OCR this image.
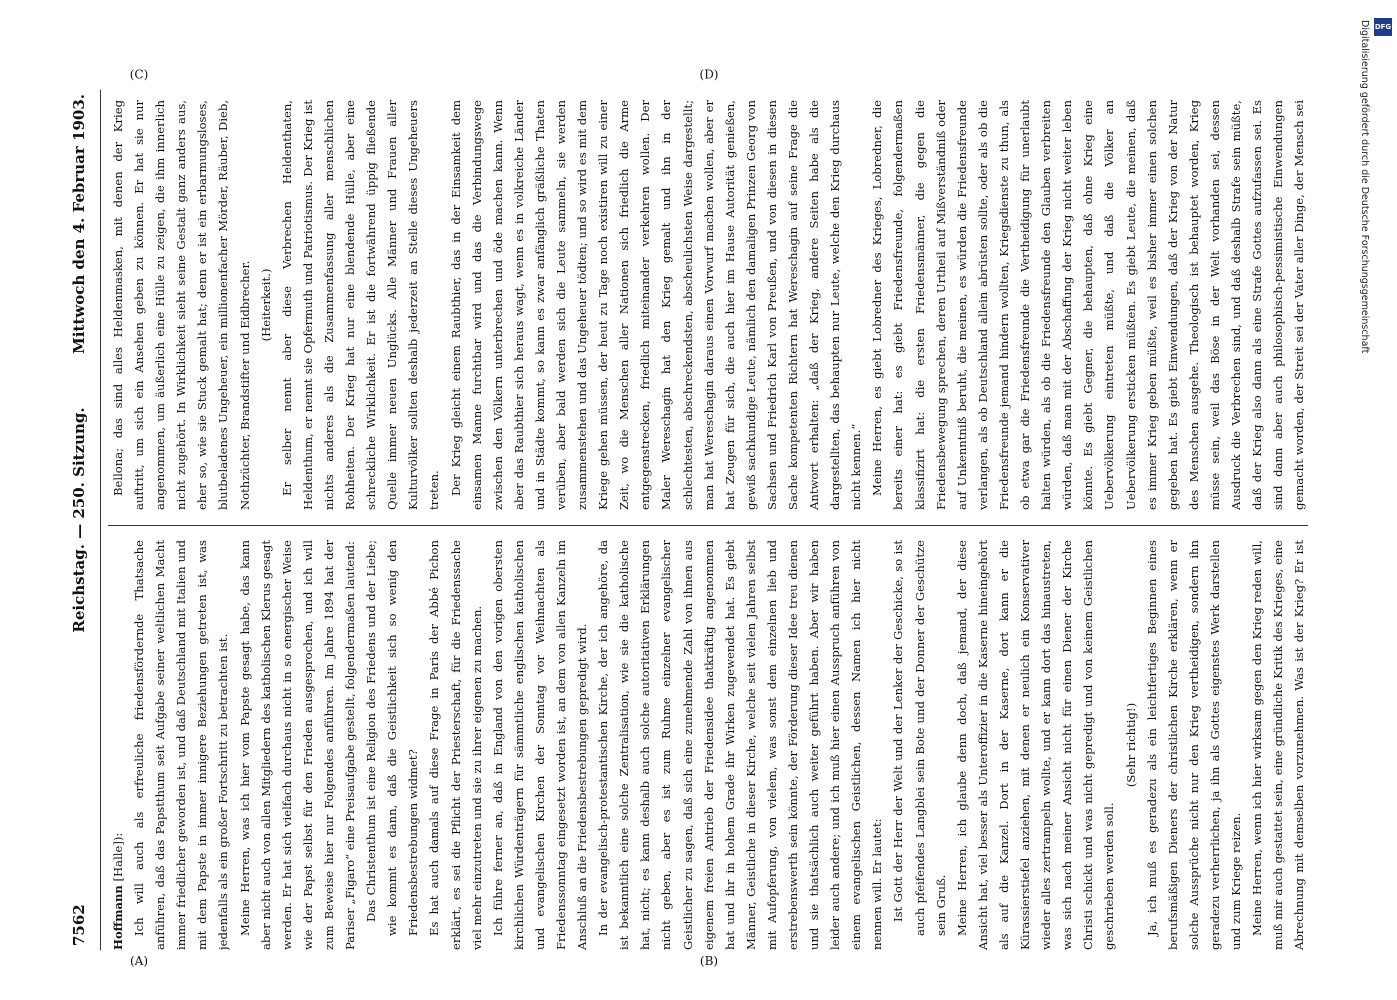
7562
Reichstag. — 250. Sitzung.
Mittwoch den 4. Februar 1903.
(A)	(B)
(C)	(D)

Hoffmann [Halle]): Ich will auch als erfreuliche friedensfördernde Thatsache anführen, daß das Papstthum seit Aufgabe seiner weltlichen Macht immer friedlicher geworden ist, und daß Deutschland mit Italien und mit dem Papste in immer innigere Beziehungen getreten ist, was jedenfalls als ein großer Fortschritt zu betrachten ist. Meine Herren, was ich hier vom Papste gesagt habe, das kann aber nicht auch von allen Mitgliedern des katholischen Klerus gesagt werden. Er hat sich vielfach durchaus nicht in so energischer Weise wie der Papst selbst für den Frieden ausgesprochen, und ich will zum Beweise hier nur Folgendes anführen. Im Jahre 1894 hat der Pariser „Figaro“ eine Preisaufgabe gestellt, folgendermaßen lautend: Das Christenthum ist eine Religion des Friedens und der Liebe; wie kommt es dann, daß die Geistlichkeit sich so wenig den Friedensbestrebungen widmet? Es hat auch damals auf diese Frage in Paris der Abbé Pichon erklärt, es sei die Pflicht der Priesterschaft, für die Friedenssache viel mehr einzutreten und sie zu ihrer eigenen zu machen. Ich führe ferner an, daß in England von den vorigen obersten kirchlichen Würdenträgern für sämmtliche englischen katholischen und evangelischen Kirchen der Sonntag vor Weihnachten als Friedenssonntag eingesetzt worden ist, an dem von allen Kanzeln im Anschluß an die Friedensbestrebungen gepredigt wird. In der evangelisch-protestantischen Kirche, der ich angehöre, da ist bekanntlich eine solche Zentralisation, wie sie die katholische hat, nicht; es kann deshalb auch solche autoritativen Erklärungen nicht geben, aber es ist zum Ruhme einzelner evangelischer Geistlicher zu sagen, daß sich eine zunehmende Zahl von ihnen aus eigenem freien Antrieb der Friedensidee thatkräftig angenommen hat und ihr in hohem Grade ihr Wirken zugewendet hat. Es giebt Männer, Geistliche in dieser Kirche, welche seit vielen Jahren selbst mit Aufopferung, von vielem, was sonst dem einzelnen lieb und erstrebenswerth sein könnte, der Förderung dieser Idee treu dienen und sie thatsächlich auch weiter geführt haben. Aber wir haben leider auch andere; und ich muß hier einen Ausspruch anführen von einem evangelischen Geistlichen, dessen Namen ich hier nicht nennen will. Er lautet: Ist Gott der Herr der Welt und der Lenker der Geschicke, so ist auch pfeifendes Langblei sein Bote und der Donner der Geschütze sein Gruß. Meine Herren, ich glaube denn doch, daß jemand, der diese Ansicht hat, viel besser als Unteroffizier in die Kaserne hineingehört als auf die Kanzel. Dort in der Kaserne, dort kann er die Kürassierstiefel anziehen, mit denen er neulich ein Konservativer wieder alles zertrampeln wollte, und er kann dort das hinaustreten, was sich nach meiner Ansicht nicht für einen Diener der Kirche Christi schickt und was nicht gepredigt und von keinem Geistlichen geschrieben werden soll.

(Sehr richtig!) Ja, ich muß es geradezu als ein leichtfertiges Beginnen eines berufsmäßigen Dieners der christlichen Kirche erklären, wenn er solche Aussprüche nicht nur den Krieg vertheidigen, sondern ihn geradezu verherrlichen, ja ihn als Gottes eigenstes Werk darstellen und zum Kriege reizen. Meine Herren, wenn ich hier wirksam gegen den Krieg reden will, muß mir auch gestattet sein, eine gründliche Kritik des Krieges, eine Abrechnung mit demselben vorzunehmen. Was ist der Krieg? Er ist

Bellona; das sind alles Heldenmasken, mit denen der Krieg auftritt, um sich ein Ansehen geben zu können. Er hat sie nur angenommen, um äußerlich eine Hülle zu zeigen, die ihm innerlich nicht zugehört. In Wirklichkeit sieht seine Gestalt ganz anders aus, eher so, wie sie Stuck gemalt hat; denn er ist ein erbarmungsloses, blutbeladenes Ungeheuer, ein millionenfacher Mörder, Räuber, Dieb, Nothzüchter, Brandstifter und Eidbrecher. (Heiterkeit.) Er selber nennt aber diese Verbrechen Heldenthaten, Heldenthum, er nennt sie Opfermuth und Patriotismus. Der Krieg ist nichts anderes als die Zusammenfassung aller menschlichen Rohheiten. Der Krieg hat nur eine blendende Hülle, aber eine schreckliche Wirklichkeit. Er ist die fortwährend üppig fließende Quelle immer neuen Unglücks. Alle Männer und Frauen aller Kulturvölker sollten deshalb jederzeit an Stelle dieses Ungeheuers treten. Der Krieg gleicht einem Raubthier, das in der Einsamkeit dem einsamen Manne furchtbar wird und das die Verbindungswege zwischen den Völkern unterbrechen und öde machen kann. Wenn aber das Raubthier sich heraus wagt, wenn es in volkreiche Länder und in Städte kommt, so kann es zwar anfänglich gräßliche Thaten verüben, aber bald werden sich die Leute sammeln, sie werden zusammenstehen und das Ungeheuer tödten; und so wird es mit dem Kriege gehen müssen, der heut zu Tage noch existiren will zu einer Zeit, wo die Menschen aller Nationen sich friedlich die Arme entgegenstrecken, friedlich miteinander verkehren wollen. Der Maler Wereschagin hat den Krieg gemalt und ihn in der schlechtesten, abschreckendsten, abscheulichsten Weise dargestellt; man hat Wereschagin daraus einen Vorwurf machen wollen, aber er hat Zeugen für sich, die auch hier im Hause Autorität genießen, gewiß sachkundige Leute, nämlich den damaligen Prinzen Georg von Sachsen und Friedrich Karl von Preußen, und von diesen in diesen Sache kompetenten Richtern hat Wereschagin auf seine Frage die Antwort erhalten: „daß der Krieg, andere Seiten habe als die dargestellten, das behaupten nur Leute, welche den Krieg durchaus nicht kennen.“ Meine Herren, es giebt Lobredner des Krieges, Lobredner, die bereits einer hat: es giebt Friedensfreunde, folgendermaßen klassifizirt hat: die ersten Friedensmänner, die gegen die Friedensbewegung sprechen, deren Urtheil auf Mißverständniß oder auf Unkenntniß beruht, die meinen, es würden die Friedensfreunde verlangen, als ob Deutschland allein abrüsten sollte, oder als ob die Friedensfreunde jemand hindern wollten, Kriegsdienste zu thun, als ob etwa gar die Friedensfreunde die Vertheidigung für unerlaubt halten würden, als ob die Friedensfreunde den Glauben verbreiten würden, daß man mit der Abschaffung der Krieg nicht weiter leben könnte. Es giebt Gegner, die behaupten, daß ohne Krieg eine Uebervölkerung eintreten müßte, und daß die Völker an Uebervölkerung ersticken müßten. Es giebt Leute, die meinen, daß es immer Krieg geben müßte, weil es bisher immer einen solchen gegeben hat. Es giebt Einwendungen, daß der Krieg von der Natur des Menschen ausgehe. Theologisch ist behauptet worden, Krieg müsse sein, weil das Böse in der Welt vorhanden sei, dessen Ausdruck die Verbrechen sind, und daß deshalb Strafe sein müßte, daß der Krieg also dann als eine Strafe Gottes aufzufassen sei. Es sind dann aber auch philosophisch-pessimistische Einwendungen gemacht worden, der Streit sei der Vater aller Dinge, der Mensch sei

DFG
Digitalisierung gefördert durch die Deutsche Forschungsgemeinschaft
